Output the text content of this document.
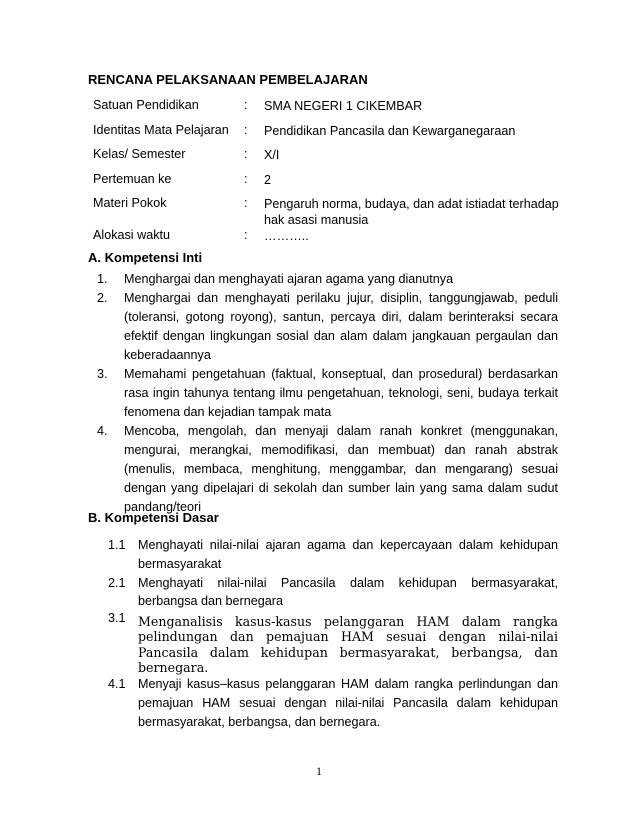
RENCANA PELAKSANAAN PEMBELAJARAN
Satuan Pendidikan	: SMA NEGERI 1 CIKEMBAR
Identitas Mata Pelajaran : Pendidikan Pancasila dan Kewarganegaraan
Kelas/ Semester	: X/I
Pertemuan ke	: 2
Materi Pokok	: Pengaruh norma, budaya, dan adat istiadat terhadap hak asasi manusia
Alokasi waktu	: ………..
A. Kompetensi Inti
1. Menghargai dan menghayati ajaran agama yang dianutnya
2. Menghargai dan menghayati perilaku jujur, disiplin, tanggungjawab, peduli (toleransi, gotong royong), santun, percaya diri, dalam berinteraksi secara efektif dengan lingkungan sosial dan alam dalam jangkauan pergaulan dan keberadaannya
3. Memahami pengetahuan (faktual, konseptual, dan prosedural) berdasarkan rasa ingin tahunya tentang ilmu pengetahuan, teknologi, seni, budaya terkait fenomena dan kejadian tampak mata
4. Mencoba, mengolah, dan menyaji dalam ranah konkret (menggunakan, mengurai, merangkai, memodifikasi, dan membuat) dan ranah abstrak (menulis, membaca, menghitung, menggambar, dan mengarang) sesuai dengan yang dipelajari di sekolah dan sumber lain yang sama dalam sudut pandang/teori
B. Kompetensi Dasar
1.1 Menghayati nilai-nilai ajaran agama dan kepercayaan dalam kehidupan bermasyarakat
2.1 Menghayati nilai-nilai Pancasila dalam kehidupan bermasyarakat, berbangsa dan bernegara
3.1 Menganalisis kasus-kasus pelanggaran HAM dalam rangka pelindungan dan pemajuan HAM sesuai dengan nilai-nilai Pancasila dalam kehidupan bermasyarakat, berbangsa, dan bernegara.
4.1 Menyaji kasus–kasus pelanggaran HAM dalam rangka perlindungan dan pemajuan HAM sesuai dengan nilai-nilai Pancasila dalam kehidupan bermasyarakat, berbangsa, dan bernegara.
1
